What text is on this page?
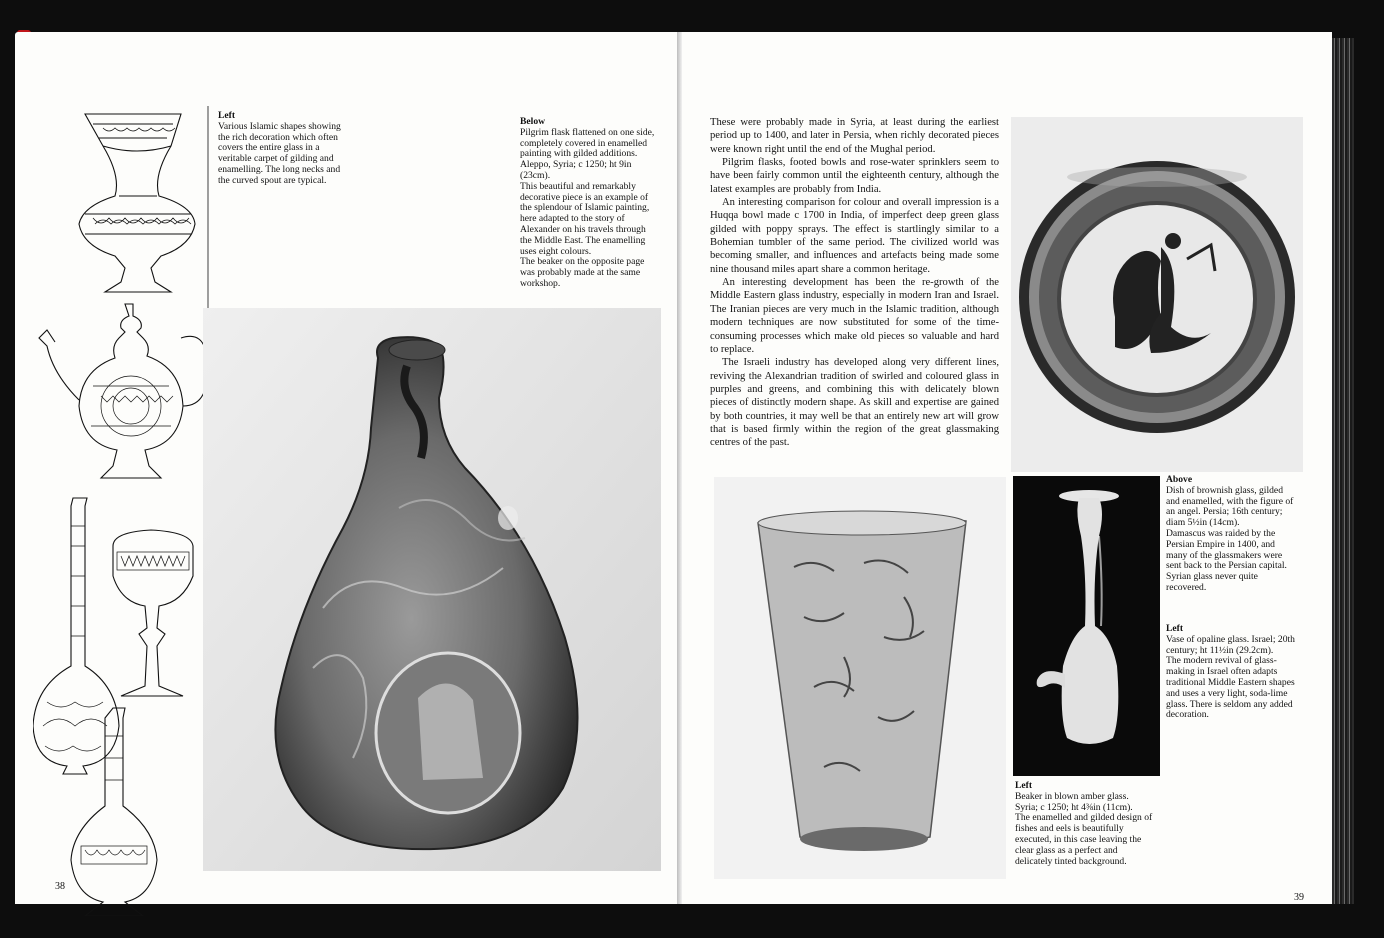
Left

Various Islamic shapes showing the rich decoration which often covers the entire glass in a veritable carpet of gilding and enamelling. The long necks and the curved spout are typical.

Below

Pilgrim flask flattened on one side, completely covered in enamelled painting with gilded additions. Aleppo, Syria; c 1250; ht 9in (23cm).

This beautiful and remarkably decorative piece is an example of the splendour of Islamic painting, here adapted to the story of Alexander on his travels through the Middle East. The enamelling uses eight colours.

The beaker on the opposite page was probably made at the same workshop.

38

These were probably made in Syria, at least during the earliest period up to 1400, and later in Persia, when richly decorated pieces were known right until the end of the Mughal period.

Pilgrim flasks, footed bowls and rose-water sprinklers seem to have been fairly common until the eighteenth century, although the latest examples are probably from India.

An interesting comparison for colour and overall impression is a Huqqa bowl made c 1700 in India, of imperfect deep green glass gilded with poppy sprays. The effect is startlingly similar to a Bohemian tumbler of the same period. The civilized world was becoming smaller, and influences and artefacts being made some nine thousand miles apart share a common heritage.

An interesting development has been the re-growth of the Middle Eastern glass industry, especially in modern Iran and Israel. The Iranian pieces are very much in the Islamic tradition, although modern techniques are now substituted for some of the time-consuming processes which make old pieces so valuable and hard to replace.

The Israeli industry has developed along very different lines, reviving the Alexandrian tradition of swirled and coloured glass in purples and greens, and combining this with delicately blown pieces of distinctly modern shape. As skill and expertise are gained by both countries, it may well be that an entirely new art will grow that is based firmly within the region of the great glassmaking centres of the past.

Above

Dish of brownish glass, gilded and enamelled, with the figure of an angel. Persia; 16th century; diam 5½in (14cm).

Damascus was raided by the Persian Empire in 1400, and many of the glassmakers were sent back to the Persian capital. Syrian glass never quite recovered.

Left

Vase of opaline glass. Israel; 20th century; ht 11½in (29.2cm).

The modern revival of glass-making in Israel often adapts traditional Middle Eastern shapes and uses a very light, soda-lime glass. There is seldom any added decoration.

Left

Beaker in blown amber glass. Syria; c 1250; ht 4⅜in (11cm).

The enamelled and gilded design of fishes and eels is beautifully executed, in this case leaving the clear glass as a perfect and delicately tinted background.

39
